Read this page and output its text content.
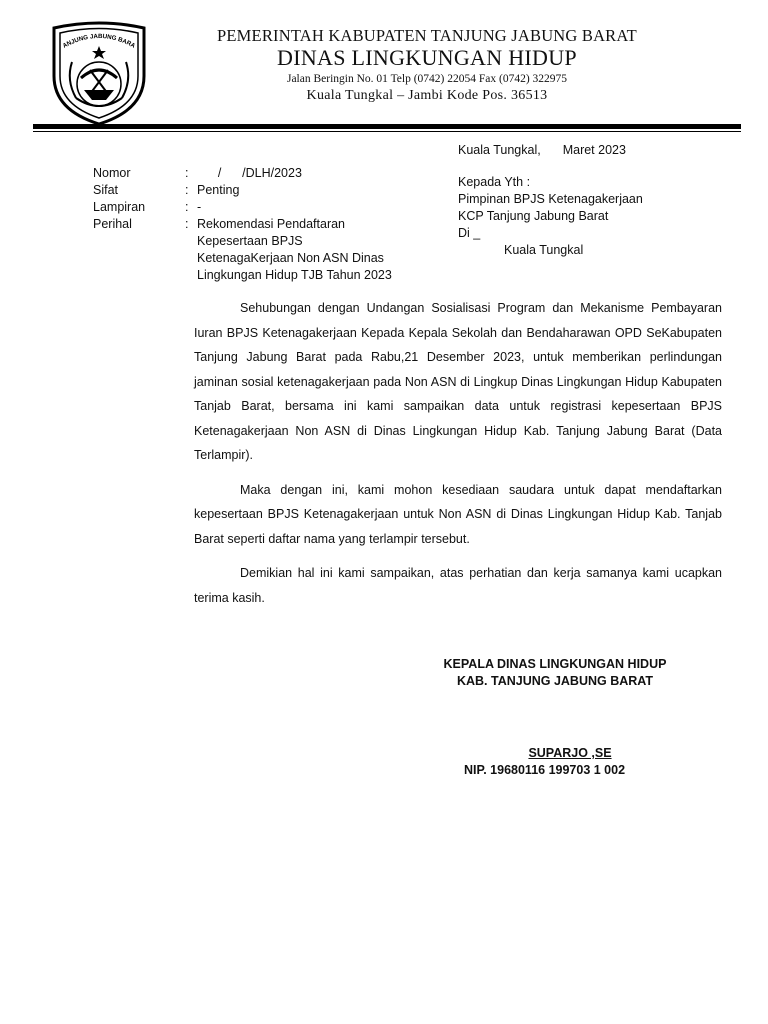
ANJUNG JABUNG BARA
PEMERINTAH KABUPATEN TANJUNG JABUNG BARAT
DINAS LINGKUNGAN HIDUP
Jalan Beringin No. 01 Telp (0742) 22054 Fax (0742) 322975
Kuala Tungkal – Jambi Kode Pos. 36513
Kuala Tungkal, Maret 2023
Nomor	: /      /DLH/2023
Sifat	: Penting
Lampiran	: -
Perihal	: Rekomendasi Pendaftaran
Kepesertaan BPJS
KetenagaKerjaan Non ASN Dinas
Lingkungan Hidup TJB Tahun 2023
Kepada Yth :
Pimpinan BPJS Ketenagakerjaan
KCP Tanjung Jabung Barat
Di _
Kuala Tungkal

Sehubungan dengan Undangan Sosialisasi Program dan Mekanisme Pembayaran Iuran BPJS Ketenagakerjaan Kepada Kepala Sekolah dan Bendaharawan OPD SeKabupaten Tanjung Jabung Barat pada Rabu,21 Desember 2023, untuk memberikan perlindungan jaminan sosial ketenagakerjaan pada Non ASN di Lingkup Dinas Lingkungan Hidup Kabupaten Tanjab Barat, bersama ini kami sampaikan data untuk registrasi kepesertaan BPJS Ketenagakerjaan Non ASN di Dinas Lingkungan Hidup Kab. Tanjung Jabung Barat (Data Terlampir).

Maka dengan ini, kami mohon kesediaan saudara untuk dapat mendaftarkan kepesertaan BPJS Ketenagakerjaan untuk Non ASN di Dinas Lingkungan Hidup Kab. Tanjab Barat seperti daftar nama yang terlampir tersebut.

Demikian hal ini kami sampaikan, atas perhatian dan kerja samanya kami ucapkan terima kasih.

KEPALA DINAS LINGKUNGAN HIDUP
KAB. TANJUNG JABUNG BARAT
SUPARJO ,SE
NIP. 19680116 199703 1 002
